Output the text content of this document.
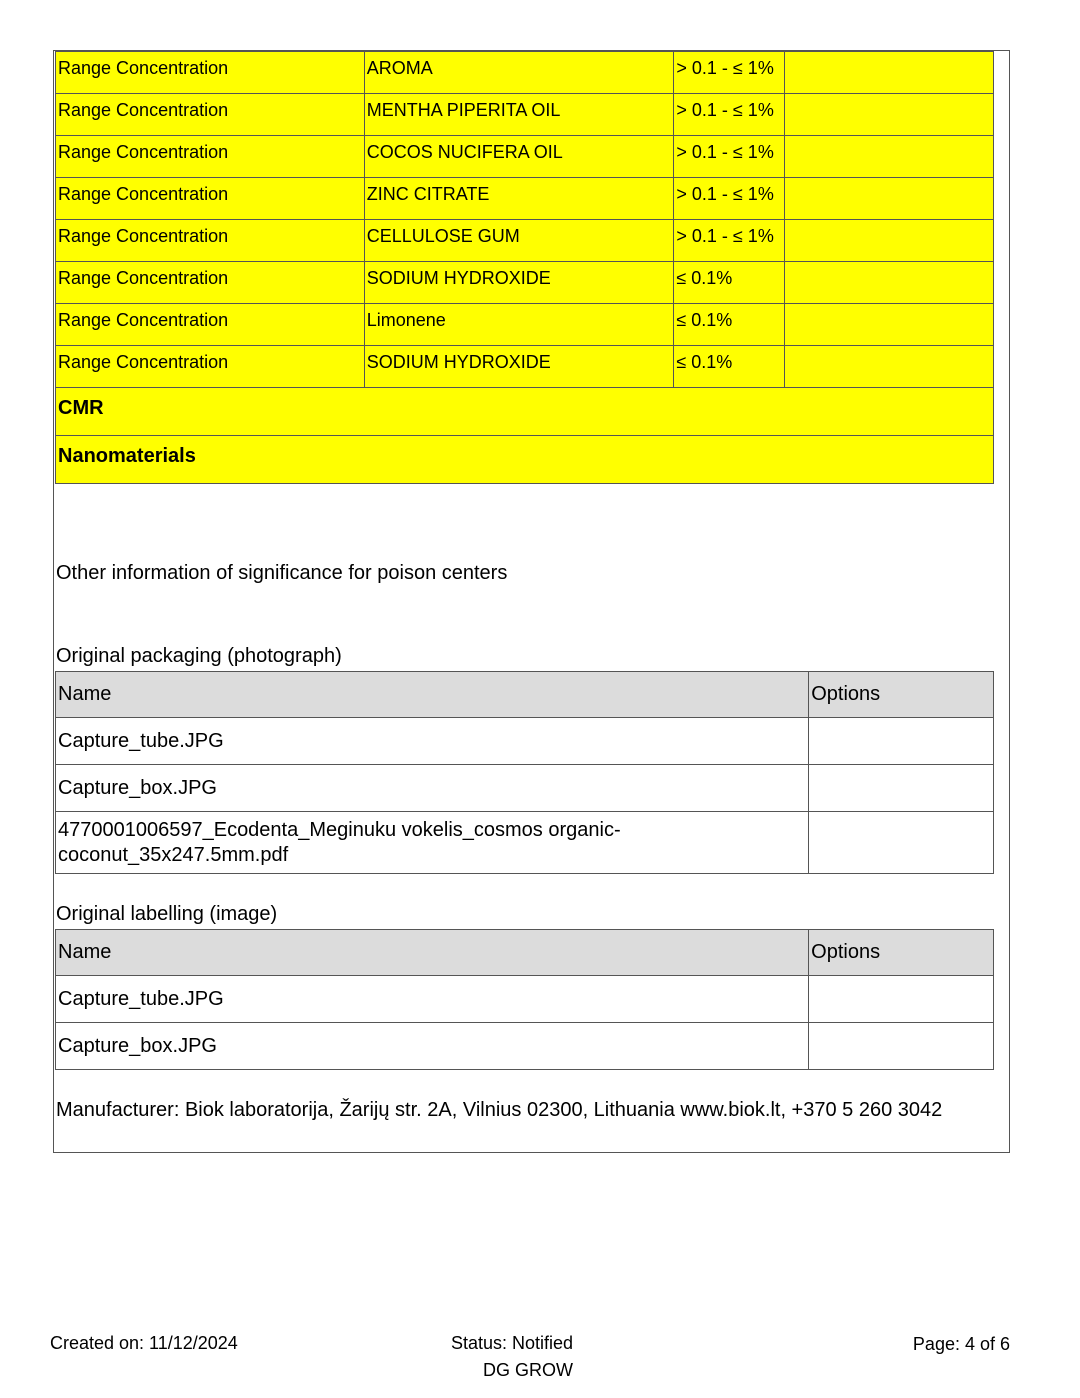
Range Concentration	AROMA	> 0.1 - ≤ 1%	
Range Concentration	MENTHA PIPERITA OIL	> 0.1 - ≤ 1%	
Range Concentration	COCOS NUCIFERA OIL	> 0.1 - ≤ 1%	
Range Concentration	ZINC CITRATE	> 0.1 - ≤ 1%	
Range Concentration	CELLULOSE GUM	> 0.1 - ≤ 1%	
Range Concentration	SODIUM HYDROXIDE	≤ 0.1%	
Range Concentration	Limonene	≤ 0.1%	
Range Concentration	SODIUM HYDROXIDE	≤ 0.1%	
CMR			
Nanomaterials			
Other information of significance for poison centers
Original packaging (photograph)
Name	Options
Capture_tube.JPG	
Capture_box.JPG	
4770001006597_Ecodenta_Meginuku vokelis_cosmos organic-coconut_35x247.5mm.pdf	
Original labelling (image)
Name	Options
Capture_tube.JPG	
Capture_box.JPG	
Manufacturer: Biok laboratorija, Žarijų str. 2A, Vilnius 02300, Lithuania www.biok.lt, +370 5 260 3042
Created on: 11/12/2024	Status: Notified
DG GROW
Page: 4 of 6
